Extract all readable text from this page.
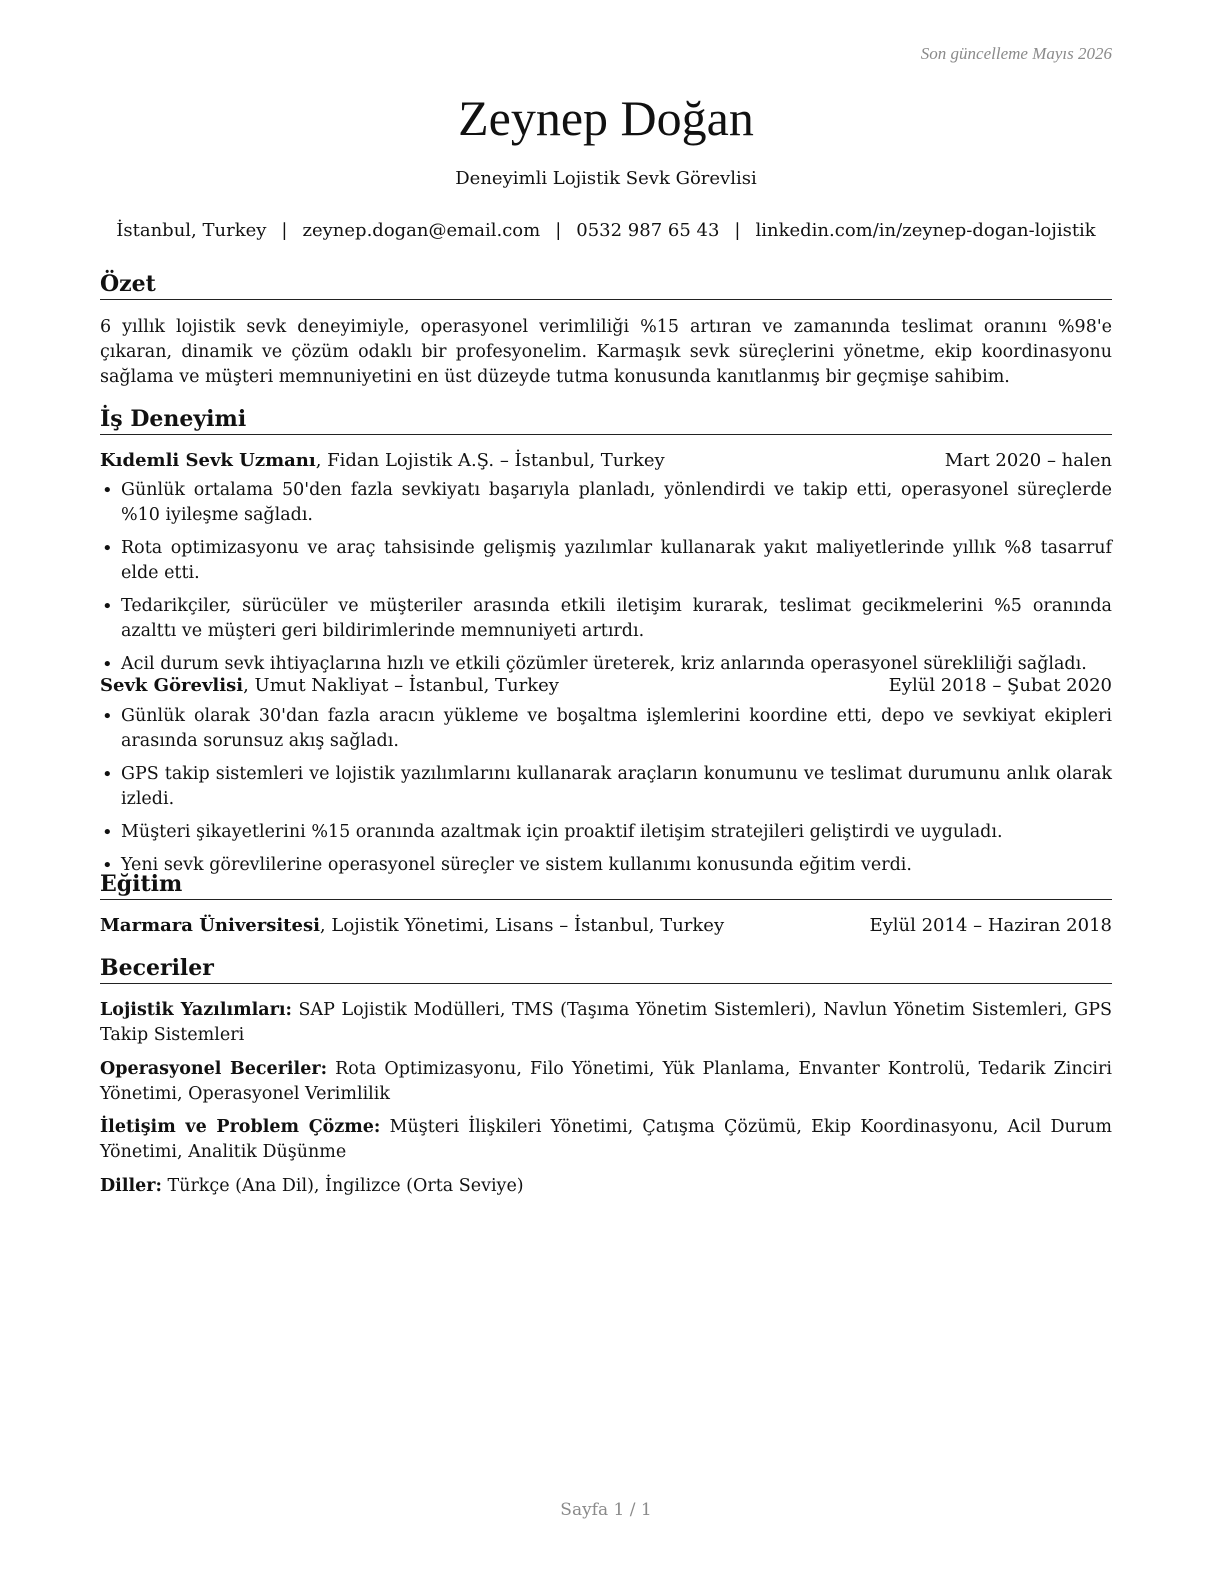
Son güncelleme Mayıs 2026
Zeynep Doğan
Deneyimli Lojistik Sevk Görevlisi
İstanbul, Turkey | zeynep.dogan@email.com | 0532 987 65 43 | linkedin.com/in/zeynep-dogan-lojistik
Özet
6 yıllık lojistik sevk deneyimiyle, operasyonel verimliliği %15 artıran ve zamanında teslimat oranını %98'e çıkaran, dinamik ve çözüm odaklı bir profesyonelim. Karmaşık sevk süreçlerini yönetme, ekip koordinasyonu sağlama ve müşteri memnuniyetini en üst düzeyde tutma konusunda kanıtlanmış bir geçmişe sahibim.
İş Deneyimi
Kıdemli Sevk Uzmanı, Fidan Lojistik A.Ş. – İstanbul, Turkey	Mart 2020 – halen
• Günlük ortalama 50'den fazla sevkiyatı başarıyla planladı, yönlendirdi ve takip etti, operasyonel süreçlerde %10 iyileşme sağladı.
• Rota optimizasyonu ve araç tahsisinde gelişmiş yazılımlar kullanarak yakıt maliyetlerinde yıllık %8 tasarruf elde etti.
• Tedarikçiler, sürücüler ve müşteriler arasında etkili iletişim kurarak, teslimat gecikmelerini %5 oranında azalttı ve müşteri geri bildirimlerinde memnuniyeti artırdı.
• Acil durum sevk ihtiyaçlarına hızlı ve etkili çözümler üreterek, kriz anlarında operasyonel sürekliliği sağladı.
Sevk Görevlisi, Umut Nakliyat – İstanbul, Turkey	Eylül 2018 – Şubat 2020
• Günlük olarak 30'dan fazla aracın yükleme ve boşaltma işlemlerini koordine etti, depo ve sevkiyat ekipleri arasında sorunsuz akış sağladı.
• GPS takip sistemleri ve lojistik yazılımlarını kullanarak araçların konumunu ve teslimat durumunu anlık olarak izledi.
• Müşteri şikayetlerini %15 oranında azaltmak için proaktif iletişim stratejileri geliştirdi ve uyguladı.
• Yeni sevk görevlilerine operasyonel süreçler ve sistem kullanımı konusunda eğitim verdi.
Eğitim
Marmara Üniversitesi, Lojistik Yönetimi, Lisans – İstanbul, Turkey	Eylül 2014 – Haziran 2018
Beceriler
Lojistik Yazılımları: SAP Lojistik Modülleri, TMS (Taşıma Yönetim Sistemleri), Navlun Yönetim Sistemleri, GPS Takip Sistemleri
Operasyonel Beceriler: Rota Optimizasyonu, Filo Yönetimi, Yük Planlama, Envanter Kontrolü, Tedarik Zinciri Yönetimi, Operasyonel Verimlilik
İletişim ve Problem Çözme: Müşteri İlişkileri Yönetimi, Çatışma Çözümü, Ekip Koordinasyonu, Acil Durum Yönetimi, Analitik Düşünme
Diller: Türkçe (Ana Dil), İngilizce (Orta Seviye)
Sayfa 1 / 1
